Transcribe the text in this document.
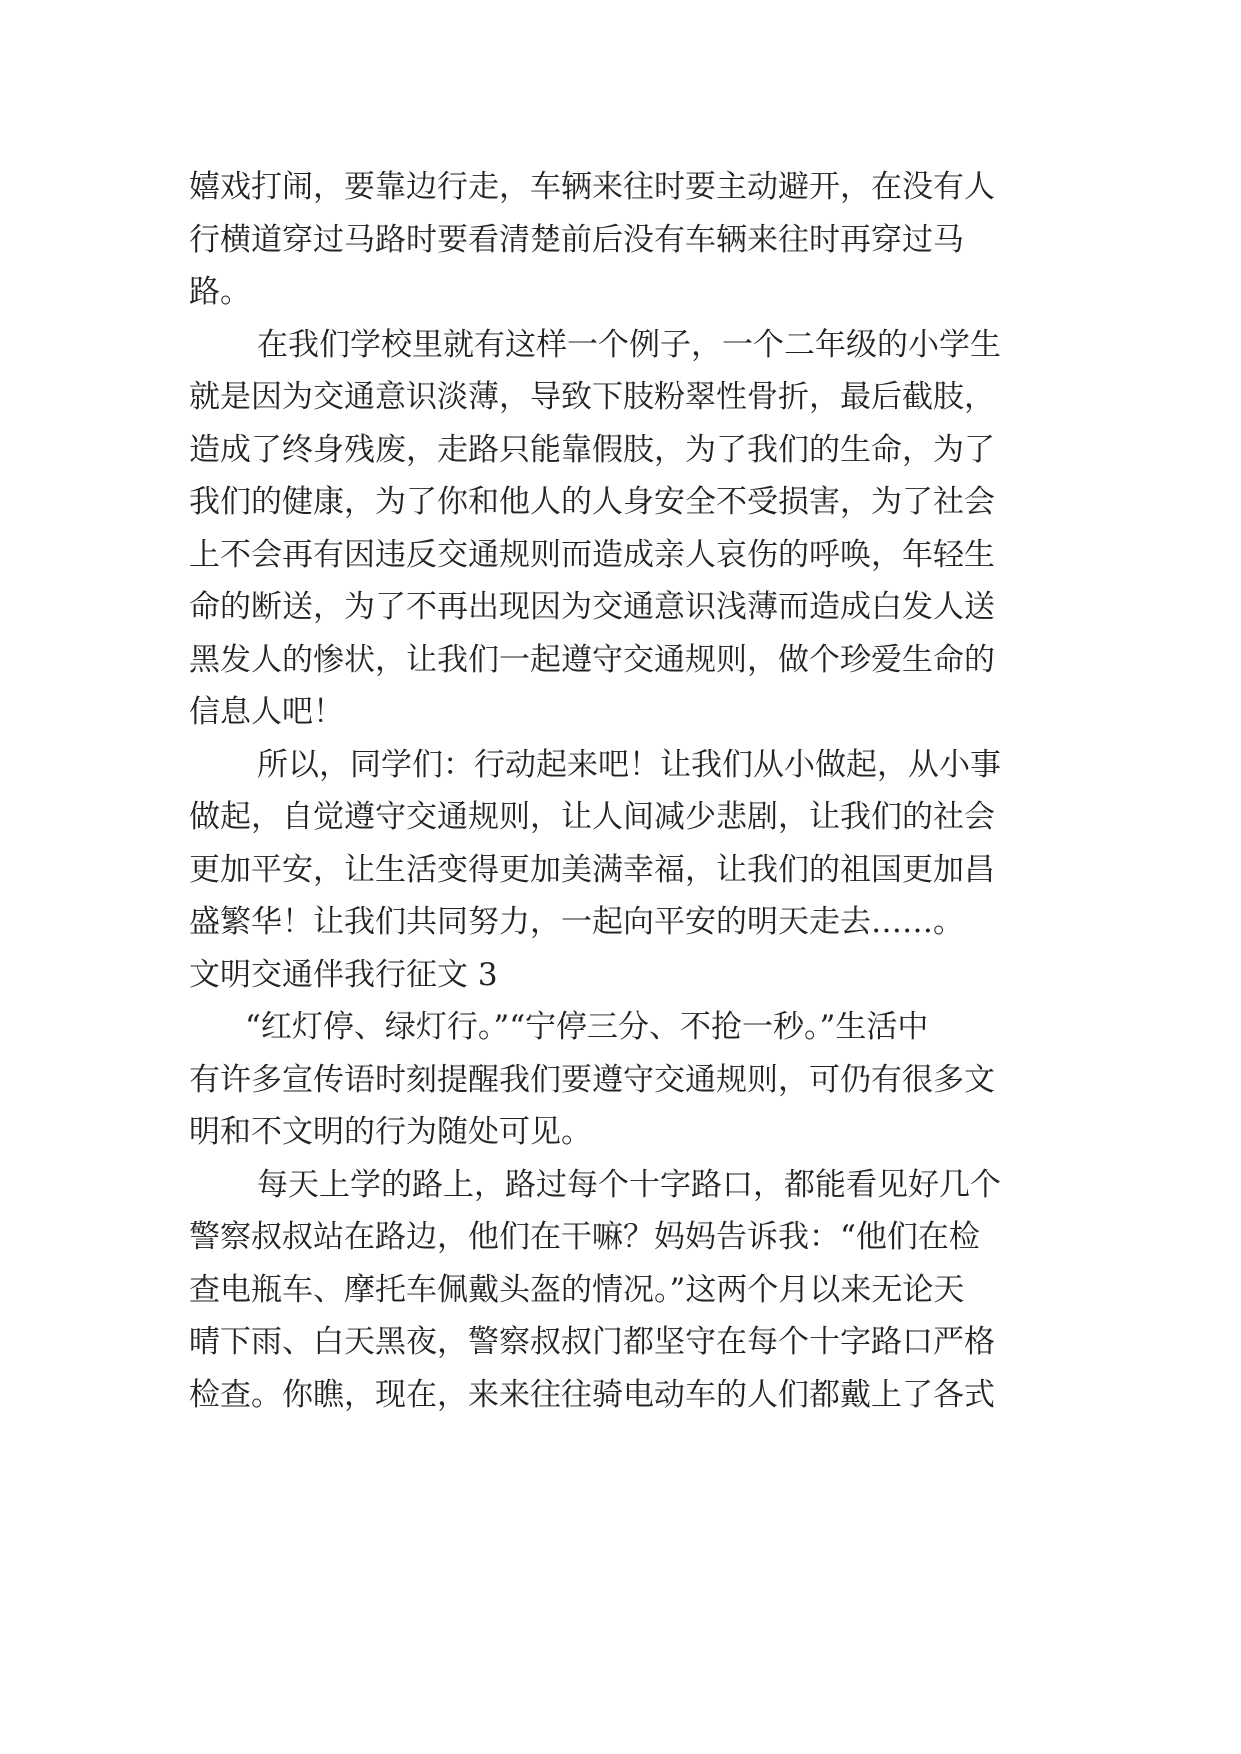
嬉戏打闹，要靠边行走，车辆来往时要主动避开，在没有人
行横道穿过马路时要看清楚前后没有车辆来往时再穿过马
路。
在我们学校里就有这样一个例子，一个二年级的小学生
就是因为交通意识淡薄，导致下肢粉翠性骨折，最后截肢，
造成了终身残废，走路只能靠假肢，为了我们的生命，为了
我们的健康，为了你和他人的人身安全不受损害，为了社会
上不会再有因违反交通规则而造成亲人哀伤的呼唤，年轻生
命的断送，为了不再出现因为交通意识浅薄而造成白发人送
黑发人的惨状，让我们一起遵守交通规则，做个珍爱生命的
信息人吧！
所以，同学们：行动起来吧！让我们从小做起，从小事
做起，自觉遵守交通规则，让人间减少悲剧，让我们的社会
更加平安，让生活变得更加美满幸福，让我们的祖国更加昌
盛繁华！让我们共同努力，一起向平安的明天走去……。
文明交通伴我行征文 3
“红灯停、绿灯行。”“宁停三分、不抢一秒。”生活中
有许多宣传语时刻提醒我们要遵守交通规则，可仍有很多文
明和不文明的行为随处可见。
每天上学的路上，路过每个十字路口，都能看见好几个
警察叔叔站在路边，他们在干嘛？妈妈告诉我：“他们在检
查电瓶车、摩托车佩戴头盔的情况。”这两个月以来无论天
晴下雨、白天黑夜，警察叔叔门都坚守在每个十字路口严格
检查。你瞧，现在，来来往往骑电动车的人们都戴上了各式
